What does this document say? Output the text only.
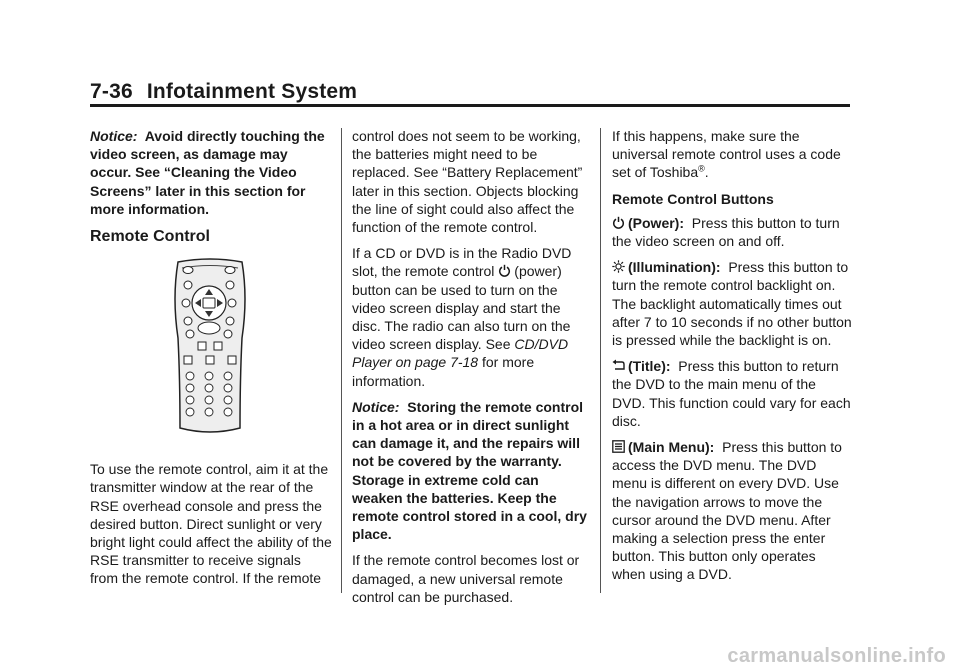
7-36 Infotainment System

Notice: Avoid directly touching the video screen, as damage may occur. See “Cleaning the Video Screens” later in this section for more information.

Remote Control

To use the remote control, aim it at the transmitter window at the rear of the RSE overhead console and press the desired button. Direct sunlight or very bright light could affect the ability of the RSE transmitter to receive signals from the remote control. If the remote

control does not seem to be working, the batteries might need to be replaced. See “Battery Replacement” later in this section. Objects blocking the line of sight could also affect the function of the remote control.

If a CD or DVD is in the Radio DVD slot, the remote control (power) button can be used to turn on the video screen display and start the disc. The radio can also turn on the video screen display. See CD/DVD Player on page 7-18 for more information.

Notice: Storing the remote control in a hot area or in direct sunlight can damage it, and the repairs will not be covered by the warranty. Storage in extreme cold can weaken the batteries. Keep the remote control stored in a cool, dry place.

If the remote control becomes lost or damaged, a new universal remote control can be purchased.

If this happens, make sure the universal remote control uses a code set of Toshiba®.

Remote Control Buttons

(Power): Press this button to turn the video screen on and off.

(Illumination): Press this button to turn the remote control backlight on. The backlight automatically times out after 7 to 10 seconds if no other button is pressed while the backlight is on.

(Title): Press this button to return the DVD to the main menu of the DVD. This function could vary for each disc.

(Main Menu): Press this button to access the DVD menu. The DVD menu is different on every DVD. Use the navigation arrows to move the cursor around the DVD menu. After making a selection press the enter button. This button only operates when using a DVD.

carmanualsonline.info
